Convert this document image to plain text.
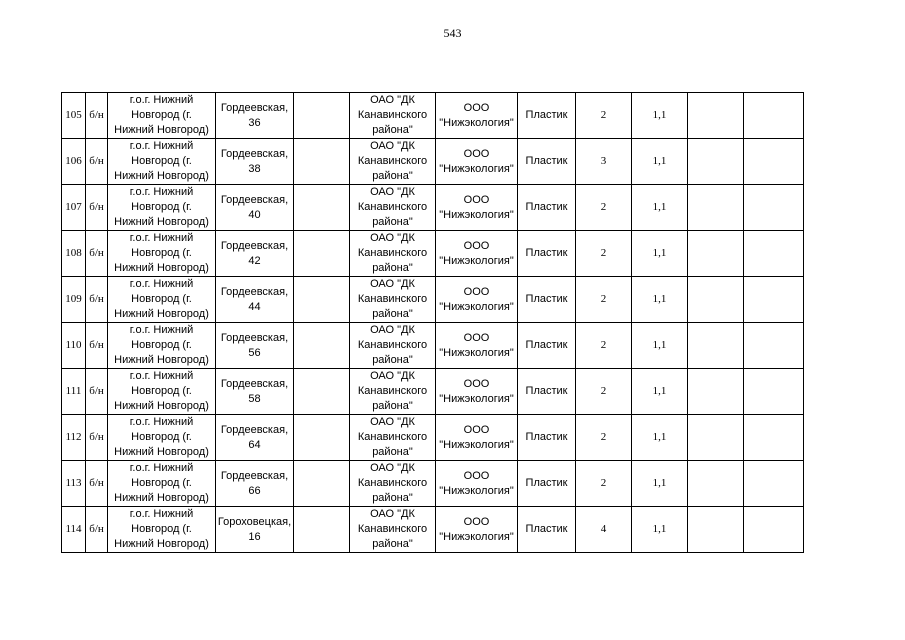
543
105	б/н	г.о.г. Нижний
Новгород (г.
Нижний Новгород)	Гордеевская,
36		ОАО "ДК
Канавинского
района"	ООО
"Нижэкология"	Пластик	2	1,1		

106	б/н	г.о.г. Нижний
Новгород (г.
Нижний Новгород)	Гордеевская,
38		ОАО "ДК
Канавинского
района"	ООО
"Нижэкология"	Пластик	3	1,1		

107	б/н	г.о.г. Нижний
Новгород (г.
Нижний Новгород)	Гордеевская,
40		ОАО "ДК
Канавинского
района"	ООО
"Нижэкология"	Пластик	2	1,1		

108	б/н	г.о.г. Нижний
Новгород (г.
Нижний Новгород)	Гордеевская,
42		ОАО "ДК
Канавинского
района"	ООО
"Нижэкология"	Пластик	2	1,1		

109	б/н	г.о.г. Нижний
Новгород (г.
Нижний Новгород)	Гордеевская,
44		ОАО "ДК
Канавинского
района"	ООО
"Нижэкология"	Пластик	2	1,1		

110	б/н	г.о.г. Нижний
Новгород (г.
Нижний Новгород)	Гордеевская,
56		ОАО "ДК
Канавинского
района"	ООО
"Нижэкология"	Пластик	2	1,1		

111	б/н	г.о.г. Нижний
Новгород (г.
Нижний Новгород)	Гордеевская,
58		ОАО "ДК
Канавинского
района"	ООО
"Нижэкология"	Пластик	2	1,1		

112	б/н	г.о.г. Нижний
Новгород (г.
Нижний Новгород)	Гордеевская,
64		ОАО "ДК
Канавинского
района"	ООО
"Нижэкология"	Пластик	2	1,1		

113	б/н	г.о.г. Нижний
Новгород (г.
Нижний Новгород)	Гордеевская,
66		ОАО "ДК
Канавинского
района"	ООО
"Нижэкология"	Пластик	2	1,1		

114	б/н	г.о.г. Нижний
Новгород (г.
Нижний Новгород)	Гороховецкая,
16		ОАО "ДК
Канавинского
района"	ООО
"Нижэкология"	Пластик	4	1,1		
